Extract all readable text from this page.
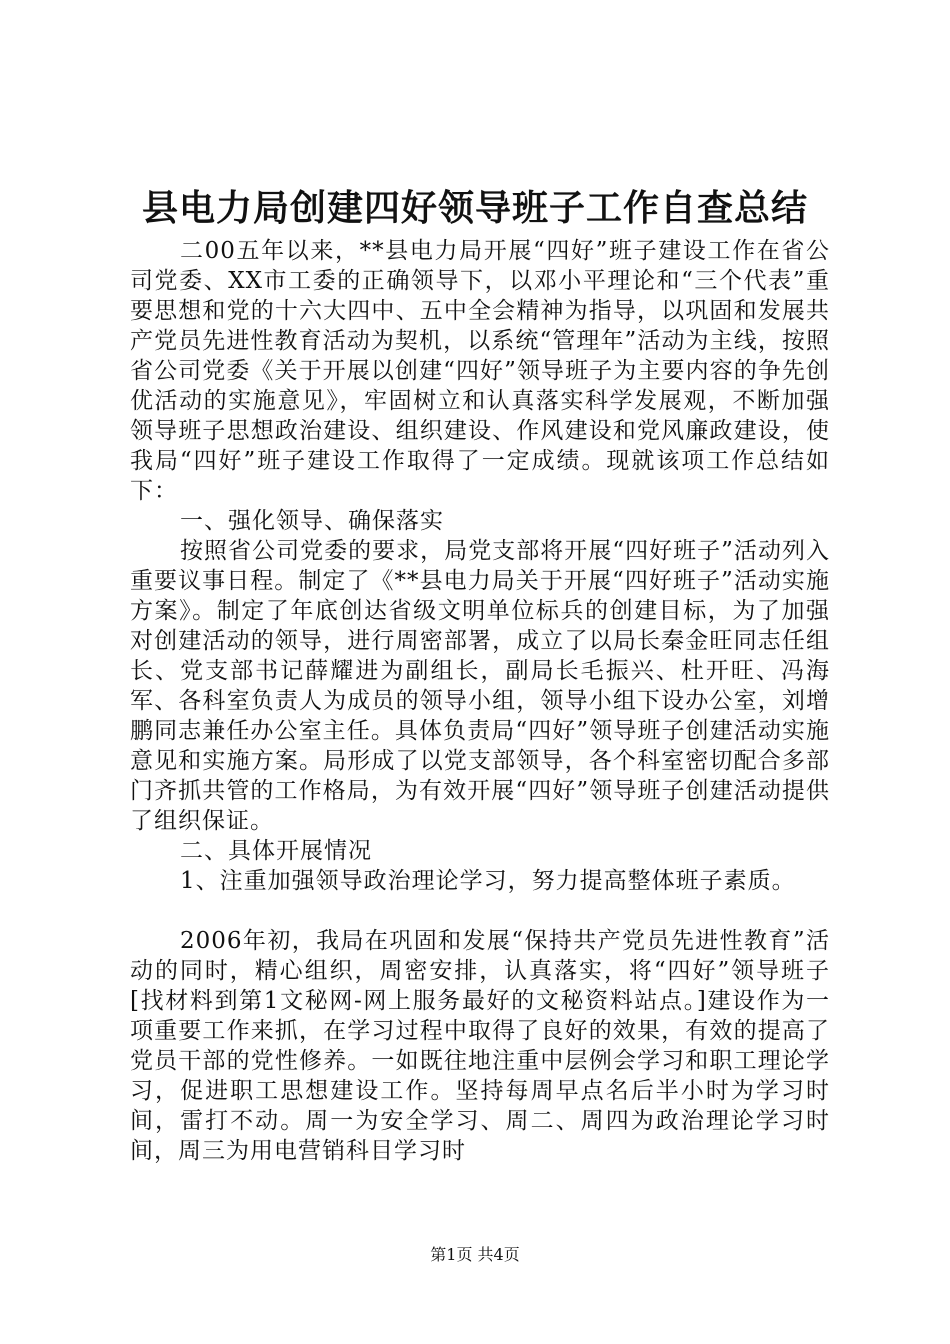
县电力局创建四好领导班子工作自查总结

二00五年以来，**县电力局开展“四好”班子建设工作在省公司党委、XX市工委的正确领导下，以邓小平理论和“三个代表”重要思想和党的十六大四中、五中全会精神为指导，以巩固和发展共产党员先进性教育活动为契机，以系统“管理年”活动为主线，按照省公司党委《关于开展以创建“四好”领导班子为主要内容的争先创优活动的实施意见》，牢固树立和认真落实科学发展观，不断加强领导班子思想政治建设、组织建设、作风建设和党风廉政建设，使我局“四好”班子建设工作取得了一定成绩。现就该项工作总结如下：

一、强化领导、确保落实

按照省公司党委的要求，局党支部将开展“四好班子”活动列入重要议事日程。制定了《**县电力局关于开展“四好班子”活动实施方案》。制定了年底创达省级文明单位标兵的创建目标，为了加强对创建活动的领导，进行周密部署，成立了以局长秦金旺同志任组长、党支部书记薛耀进为副组长，副局长毛振兴、杜开旺、冯海军、各科室负责人为成员的领导小组，领导小组下设办公室，刘增鹏同志兼任办公室主任。具体负责局“四好”领导班子创建活动实施意见和实施方案。局形成了以党支部领导，各个科室密切配合多部门齐抓共管的工作格局，为有效开展“四好”领导班子创建活动提供了组织保证。

二、具体开展情况

1、注重加强领导政治理论学习，努力提高整体班子素质。

2006年初，我局在巩固和发展“保持共产党员先进性教育”活动的同时，精心组织，周密安排，认真落实，将“四好”领导班子[找材料到第1文秘网-网上服务最好的文秘资料站点。]建设作为一项重要工作来抓，在学习过程中取得了良好的效果，有效的提高了党员干部的党性修养。一如既往地注重中层例会学习和职工理论学习，促进职工思想建设工作。坚持每周早点名后半小时为学习时间，雷打不动。周一为安全学习、周二、周四为政治理论学习时间，周三为用电营销科目学习时

第1页 共4页
